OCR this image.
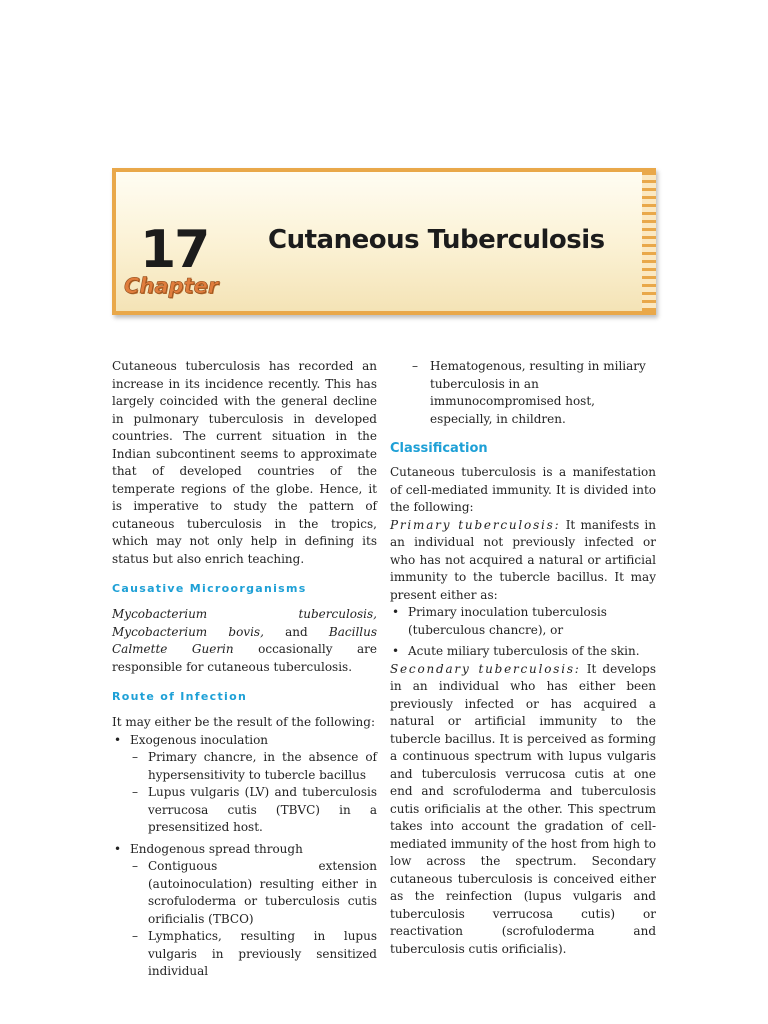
17
Chapter
Cutaneous Tuberculosis

Cutaneous tuberculosis has recorded an increase in its incidence recently. This has largely coincided with the general decline in pulmonary tuberculosis in developed countries. The current situation in the Indian subcontinent seems to approximate that of developed countries of the temperate regions of the globe. Hence, it is imperative to study the pattern of cutaneous tuberculosis in the tropics, which may not only help in defining its status but also enrich teaching.

Causative Microorganisms

Mycobacterium tuberculosis, Mycobacterium bovis, and Bacillus Calmette Guerin occasionally are responsible for cutaneous tuberculosis.

Route of Infection

It may either be the result of the following:

• Exogenous inoculation
– Primary chancre, in the absence of hypersensitivity to tubercle bacillus
– Lupus vulgaris (LV) and tuberculosis verrucosa cutis (TBVC) in a presensitized host.
• Endogenous spread through
– Contiguous extension (autoinoculation) resulting either in scrofuloderma or tuberculosis cutis orificialis (TBCO)
– Lymphatics, resulting in lupus vulgaris in previously sensitized individual
– Hematogenous, resulting in miliary tuberculosis in an immunocompromised host, especially, in children.
Classification

Cutaneous tuberculosis is a manifestation of cell-mediated immunity. It is divided into the following:

Primary tuberculosis: It manifests in an individual not previously infected or who has not acquired a natural or artificial immunity to the tubercle bacillus. It may present either as:

• Primary inoculation tuberculosis (tuberculous chancre), or
• Acute miliary tuberculosis of the skin.

Secondary tuberculosis: It develops in an individual who has either been previously infected or has acquired a natural or artificial immunity to the tubercle bacillus. It is perceived as forming a continuous spectrum with lupus vulgaris and tuberculosis verrucosa cutis at one end and scrofuloderma and tuberculosis cutis orificialis at the other. This spectrum takes into account the gradation of cell-mediated immunity of the host from high to low across the spectrum. Secondary cutaneous tuberculosis is conceived either as the reinfection (lupus vulgaris and tuberculosis verrucosa cutis) or reactivation (scrofuloderma and tuberculosis cutis orificialis).
